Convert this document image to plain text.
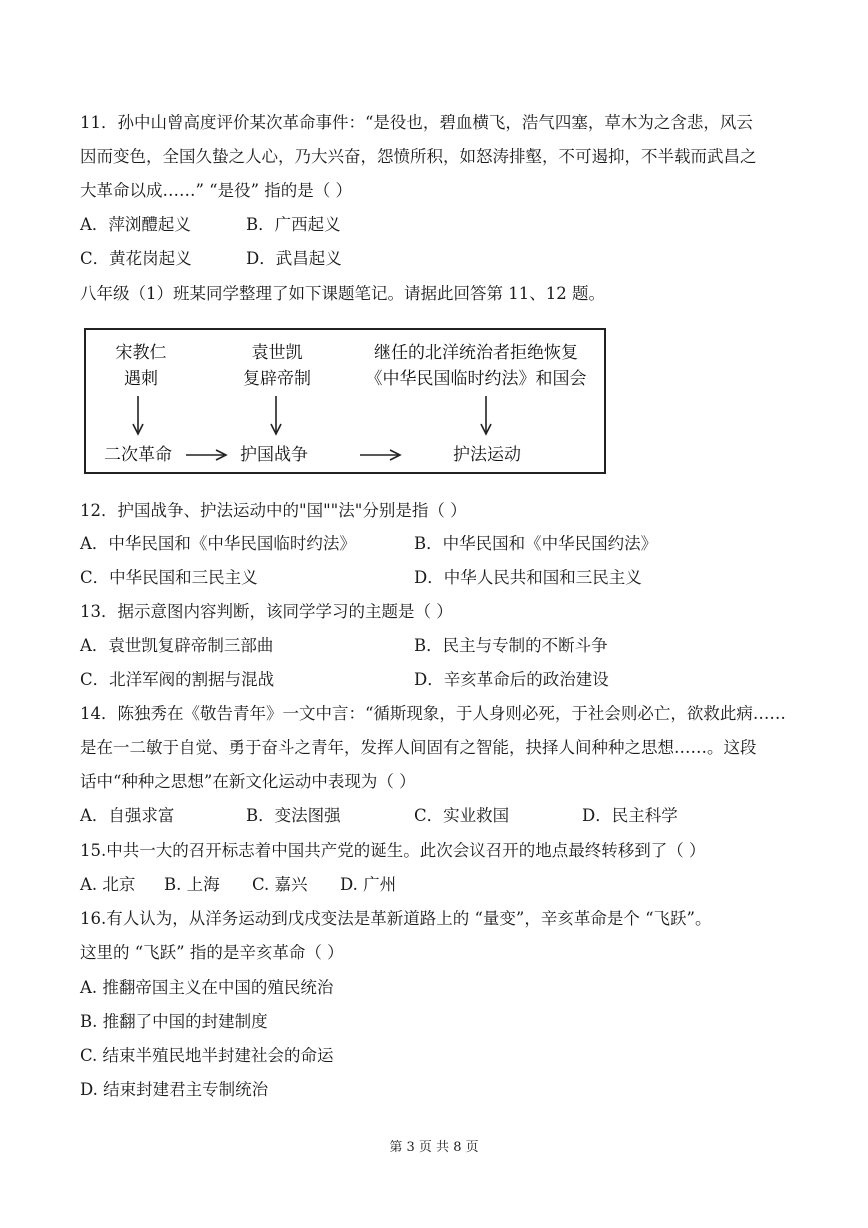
11．孙中山曾高度评价某次革命事件：“是役也，碧血横飞，浩气四塞，草木为之含悲，风云
因而变色，全国久蛰之人心，乃大兴奋，怨愤所积，如怒涛排壑，不可遏抑，不半载而武昌之
大革命以成……” “是役” 指的是（ ）
A．萍浏醴起义	B．广西起义
C．黄花岗起义	D．武昌起义
八年级（1）班某同学整理了如下课题笔记。请据此回答第 11、12 题。
宋教仁
遇刺
袁世凯
复辟帝制
继任的北洋统治者拒绝恢复
《中华民国临时约法》和国会
二次革命	护国战争	护法运动
12．护国战争、护法运动中的"国""法"分别是指（ ）
A．中华民国和《中华民国临时约法》	B．中华民国和《中华民国约法》
C．中华民国和三民主义	D．中华人民共和国和三民主义
13．据示意图内容判断，该同学学习的主题是（ ）
A．袁世凯复辟帝制三部曲	B．民主与专制的不断斗争
C．北洋军阀的割据与混战	D．辛亥革命后的政治建设
14．陈独秀在《敬告青年》一文中言：“循斯现象，于人身则必死，于社会则必亡，欲救此病……
是在一二敏于自觉、勇于奋斗之青年，发挥人间固有之智能，抉择人间种种之思想……。这段
话中“种种之思想”在新文化运动中表现为（ ）
A．自强求富	B．变法图强	C．实业救国	D．民主科学
15.中共一大的召开标志着中国共产党的诞生。此次会议召开的地点最终转移到了（ ）
A. 北京 B. 上海 C. 嘉兴 D. 广州
16.有人认为，从洋务运动到戊戌变法是革新道路上的 “量变”，辛亥革命是个 “飞跃”。
这里的 “飞跃” 指的是辛亥革命（ ）
A. 推翻帝国主义在中国的殖民统治
B. 推翻了中国的封建制度
C. 结束半殖民地半封建社会的命运
D. 结束封建君主专制统治
第 3 页 共 8 页
